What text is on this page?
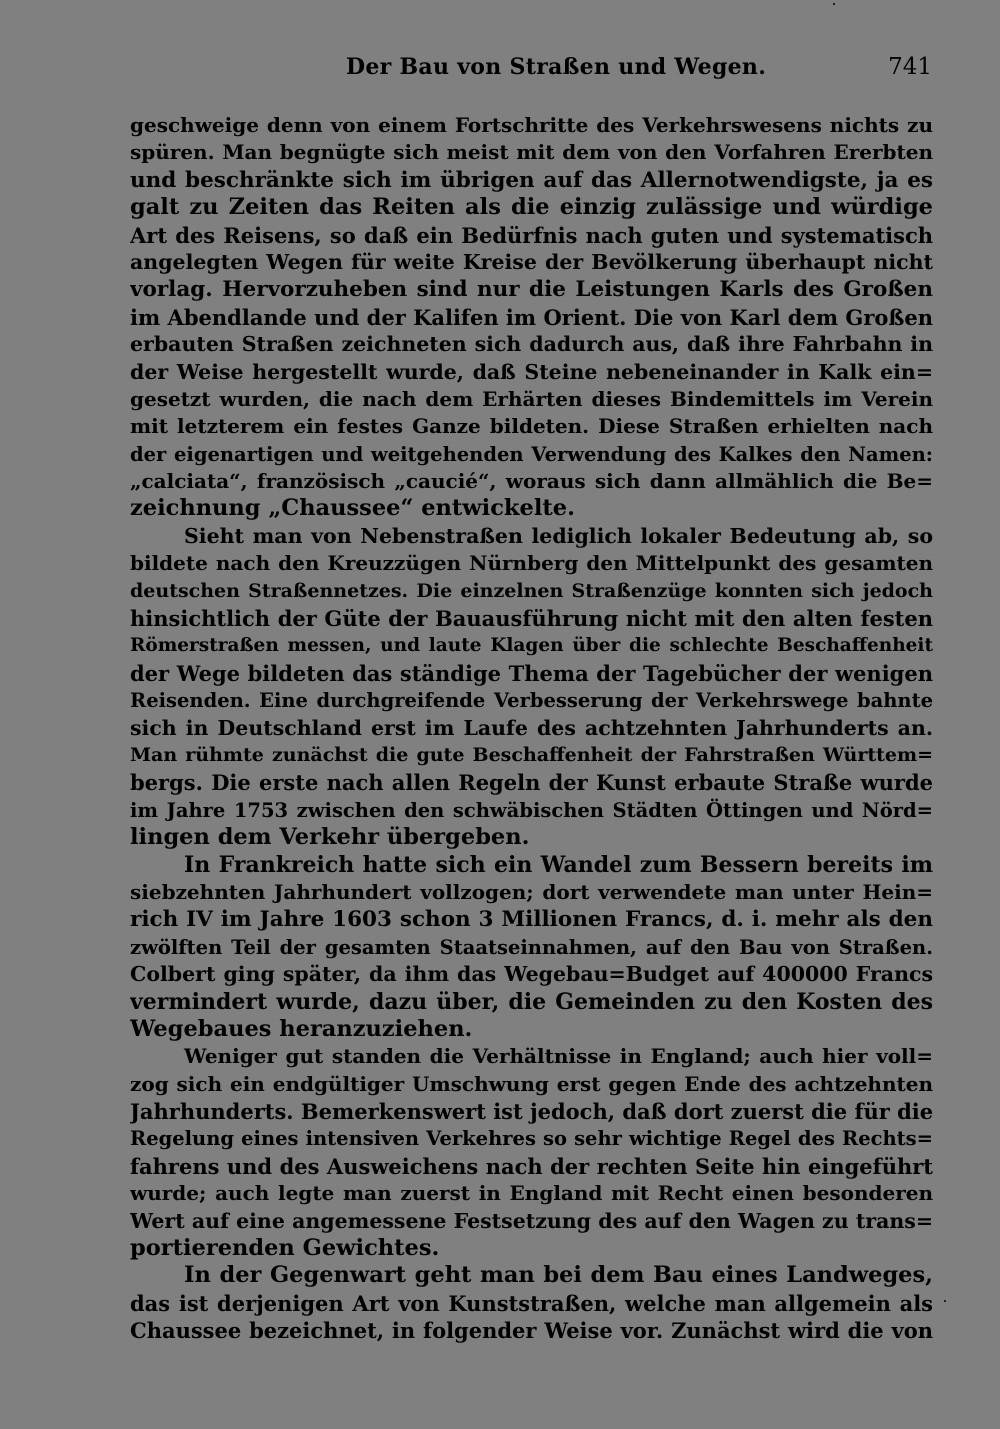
Der Bau von Straßen und Wegen.	741
geschweige denn von einem Fortschritte des Verkehrswesens nichts zu
spüren. Man begnügte sich meist mit dem von den Vorfahren Ererbten
und beschränkte sich im übrigen auf das Allernotwendigste, ja es
galt zu Zeiten das Reiten als die einzig zulässige und würdige
Art des Reisens, so daß ein Bedürfnis nach guten und systematisch
angelegten Wegen für weite Kreise der Bevölkerung überhaupt nicht
vorlag. Hervorzuheben sind nur die Leistungen Karls des Großen
im Abendlande und der Kalifen im Orient. Die von Karl dem Großen
erbauten Straßen zeichneten sich dadurch aus, daß ihre Fahrbahn in
der Weise hergestellt wurde, daß Steine nebeneinander in Kalk ein=
gesetzt wurden, die nach dem Erhärten dieses Bindemittels im Verein
mit letzterem ein festes Ganze bildeten. Diese Straßen erhielten nach
der eigenartigen und weitgehenden Verwendung des Kalkes den Namen:
„calciata“, französisch „caucié“, woraus sich dann allmählich die Be=
zeichnung „Chaussee“ entwickelte.
Sieht man von Nebenstraßen lediglich lokaler Bedeutung ab, so
bildete nach den Kreuzzügen Nürnberg den Mittelpunkt des gesamten
deutschen Straßennetzes. Die einzelnen Straßenzüge konnten sich jedoch
hinsichtlich der Güte der Bauausführung nicht mit den alten festen
Römerstraßen messen, und laute Klagen über die schlechte Beschaffenheit
der Wege bildeten das ständige Thema der Tagebücher der wenigen
Reisenden. Eine durchgreifende Verbesserung der Verkehrswege bahnte
sich in Deutschland erst im Laufe des achtzehnten Jahrhunderts an.
Man rühmte zunächst die gute Beschaffenheit der Fahrstraßen Württem=
bergs. Die erste nach allen Regeln der Kunst erbaute Straße wurde
im Jahre 1753 zwischen den schwäbischen Städten Öttingen und Nörd=
lingen dem Verkehr übergeben.
In Frankreich hatte sich ein Wandel zum Bessern bereits im
siebzehnten Jahrhundert vollzogen; dort verwendete man unter Hein=
rich IV im Jahre 1603 schon 3 Millionen Francs, d. i. mehr als den
zwölften Teil der gesamten Staatseinnahmen, auf den Bau von Straßen.
Colbert ging später, da ihm das Wegebau=Budget auf 400000 Francs
vermindert wurde, dazu über, die Gemeinden zu den Kosten des
Wegebaues heranzuziehen.
Weniger gut standen die Verhältnisse in England; auch hier voll=
zog sich ein endgültiger Umschwung erst gegen Ende des achtzehnten
Jahrhunderts. Bemerkenswert ist jedoch, daß dort zuerst die für die
Regelung eines intensiven Verkehres so sehr wichtige Regel des Rechts=
fahrens und des Ausweichens nach der rechten Seite hin eingeführt
wurde; auch legte man zuerst in England mit Recht einen besonderen
Wert auf eine angemessene Festsetzung des auf den Wagen zu trans=
portierenden Gewichtes.
In der Gegenwart geht man bei dem Bau eines Landweges,
das ist derjenigen Art von Kunststraßen, welche man allgemein als
Chaussee bezeichnet, in folgender Weise vor. Zunächst wird die von
